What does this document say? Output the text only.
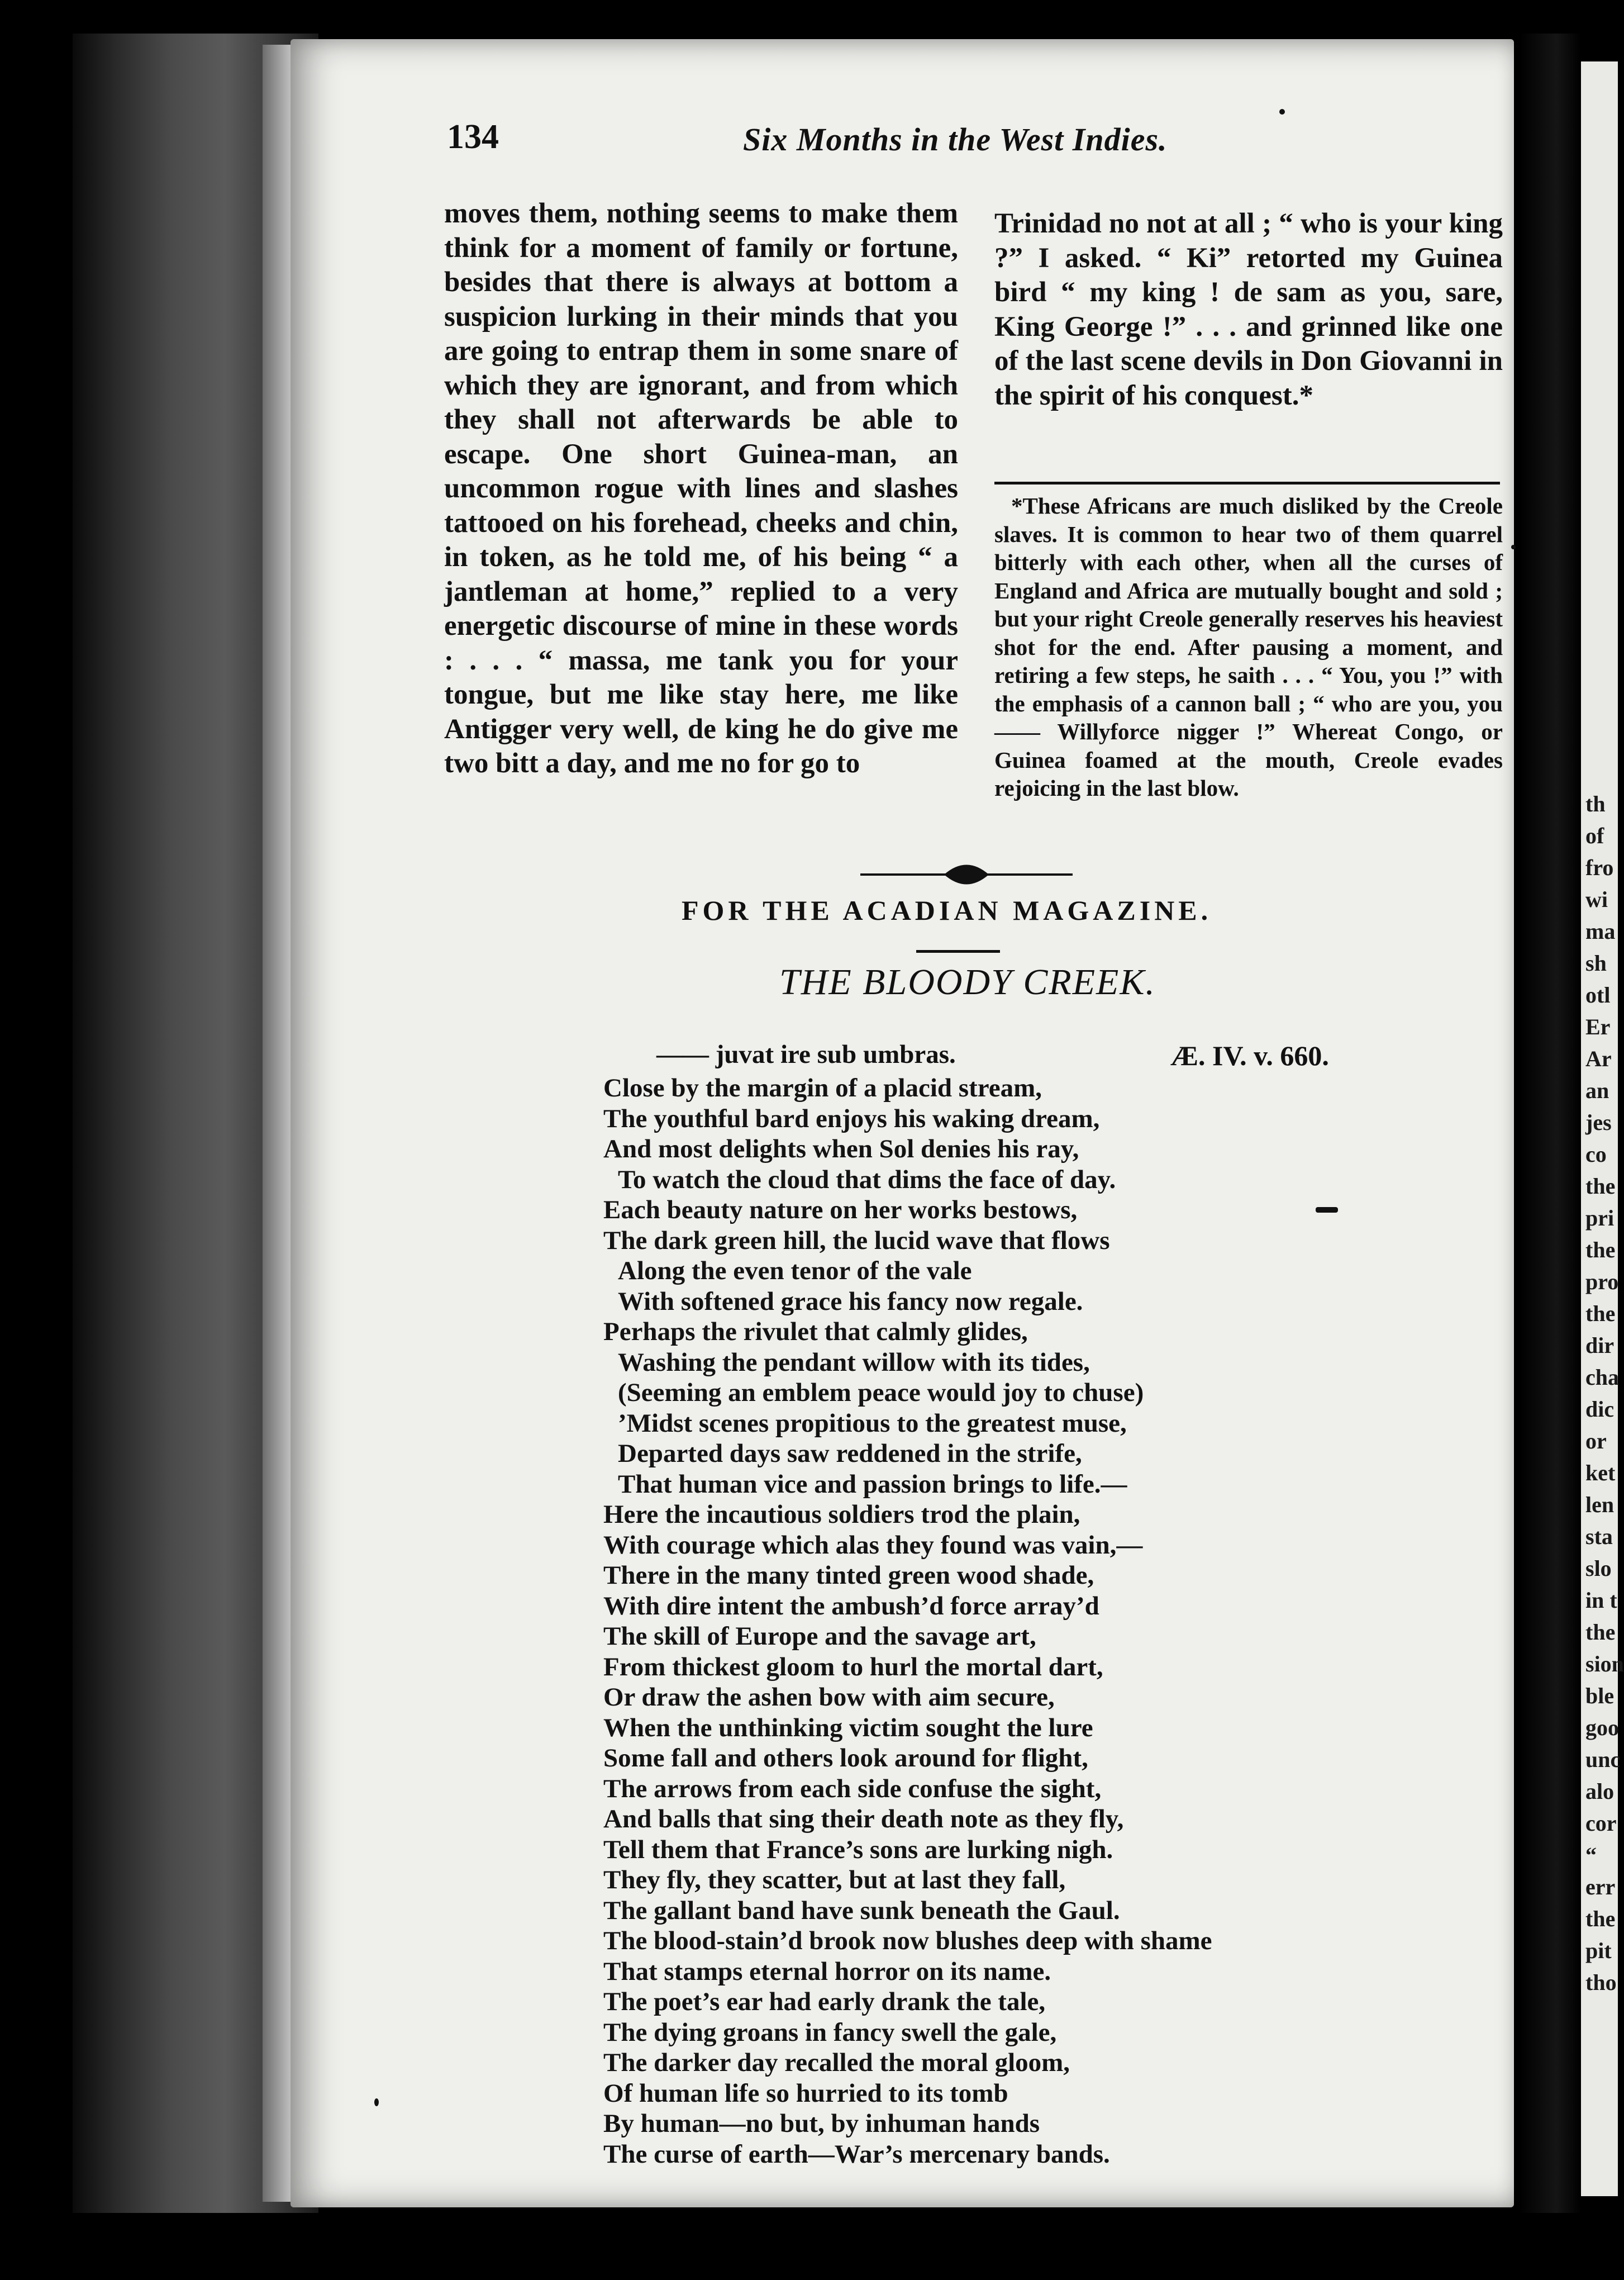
th
of
fro
wi
ma
sh
otl
Er
Ar
an
jes
co
the
pri
the
pro
the
dir
cha
dic
or
ket
len
sta
slo
in t
the
sion
ble
goo
unc
alo
cor
“
err
the
pit
tho
134	Six Months in the West Indies.

moves them, nothing seems to make them think for a moment of family or fortune, besides that there is always at bottom a suspicion lurking in their minds that you are going to entrap them in some snare of which they are ignorant, and from which they shall not afterwards be able to escape. One short Guinea-man, an uncommon rogue with lines and slashes tattooed on his forehead, cheeks and chin, in token, as he told me, of his being “ a jantleman at home,” replied to a very energetic discourse of mine in these words : . . . “ massa, me tank you for your tongue, but me like stay here, me like Antigger very well, de king he do give me two bitt a day, and me no for go to

Trinidad no not at all ; “ who is your king ?” I asked. “ Ki” retorted my Guinea bird “ my king ! de sam as you, sare, King George !” . . . and grinned like one of the last scene devils in Don Giovanni in the spirit of his conquest.*

*These Africans are much disliked by the Creole slaves. It is common to hear two of them quarrel bitterly with each other, when all the curses of England and Africa are mutually bought and sold ; but your right Creole generally reserves his heaviest shot for the end. After pausing a moment, and retiring a few steps, he saith . . . “ You, you !” with the emphasis of a cannon ball ; “ who are you, you —— Willyforce nigger !” Whereat Congo, or Guinea foamed at the mouth, Creole evades rejoicing in the last blow.

FOR THE ACADIAN MAGAZINE.
THE BLOODY CREEK.
—— juvat ire sub umbras.	Æ. IV. v. 660.
Close by the margin of a placid stream,
The youthful bard enjoys his waking dream,
And most delights when Sol denies his ray,
To watch the cloud that dims the face of day.
Each beauty nature on her works bestows,
The dark green hill, the lucid wave that flows
Along the even tenor of the vale
With softened grace his fancy now regale.
Perhaps the rivulet that calmly glides,
Washing the pendant willow with its tides,
(Seeming an emblem peace would joy to chuse)
’Midst scenes propitious to the greatest muse,
Departed days saw reddened in the strife,
That human vice and passion brings to life.—
Here the incautious soldiers trod the plain,
With courage which alas they found was vain,—
There in the many tinted green wood shade,
With dire intent the ambush’d force array’d
The skill of Europe and the savage art,
From thickest gloom to hurl the mortal dart,
Or draw the ashen bow with aim secure,
When the unthinking victim sought the lure
Some fall and others look around for flight,
The arrows from each side confuse the sight,
And balls that sing their death note as they fly,
Tell them that France’s sons are lurking nigh.
They fly, they scatter, but at last they fall,
The gallant band have sunk beneath the Gaul.
The blood-stain’d brook now blushes deep with shame
That stamps eternal horror on its name.
The poet’s ear had early drank the tale,
The dying groans in fancy swell the gale,
The darker day recalled the moral gloom,
Of human life so hurried to its tomb
By human—no but, by inhuman hands
The curse of earth—War’s mercenary bands.
